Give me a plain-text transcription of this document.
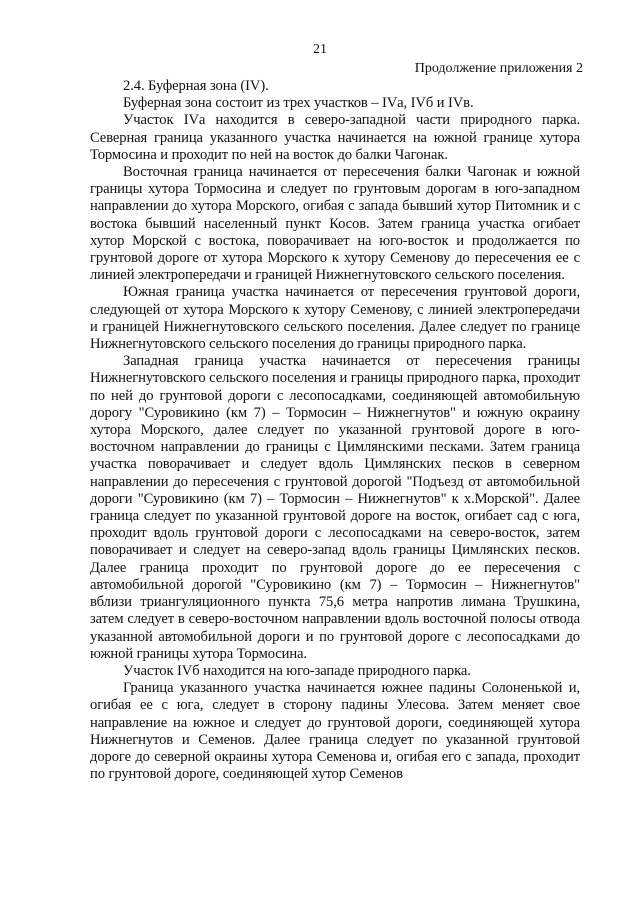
21
Продолжение приложения 2

2.4. Буферная зона (IV).

Буферная зона состоит из трех участков – IVа, IVб и IVв.

Участок IVа находится в северо-западной части природного парка. Северная граница указанного участка начинается на южной границе хутора Тормосина и проходит по ней на восток до балки Чагонак.

Восточная граница начинается от пересечения балки Чагонак и южной границы хутора Тормосина и следует по грунтовым дорогам в юго-западном направлении до хутора Морского, огибая с запада бывший хутор Питомник и с востока бывший населенный пункт Косов. Затем граница участка огибает хутор Морской с востока, поворачивает на юго-восток и продолжается по грунтовой дороге от хутора Морского к хутору Семенову до пересечения ее с линией электропередачи и границей Нижнегнутовского сельского поселения.

Южная граница участка начинается от пересечения грунтовой дороги, следующей от хутора Морского к хутору Семенову, с линией электропередачи и границей Нижнегнутовского сельского поселения. Далее следует по границе Нижнегнутовского сельского поселения до границы природного парка.

Западная граница участка начинается от пересечения границы Нижнегнутовского сельского поселения и границы природного парка, проходит по ней до грунтовой дороги с лесопосадками, соединяющей автомобильную дорогу "Суровикино (км 7) – Тормосин – Нижнегнутов" и южную окраину хутора Морского, далее следует по указанной грунтовой дороге в юго-восточном направлении до границы с Цимлянскими песками. Затем граница участка поворачивает и следует вдоль Цимлянских песков в северном направлении до пересечения с грунтовой дорогой "Подъезд от автомобильной дороги "Суровикино (км 7) – Тормосин – Нижнегнутов" к х.Морской". Далее граница следует по указанной грунтовой дороге на восток, огибает сад с юга, проходит вдоль грунтовой дороги с лесопосадками на северо-восток, затем поворачивает и следует на северо-запад вдоль границы Цимлянских песков. Далее граница проходит по грунтовой дороге до ее пересечения с автомобильной дорогой "Суровикино (км 7) – Тормосин – Нижнегнутов" вблизи триангуляционного пункта 75,6 метра напротив лимана Трушкина, затем следует в северо-восточном направлении вдоль восточной полосы отвода указанной автомобильной дороги и по грунтовой дороге с лесопосадками до южной границы хутора Тормосина.

Участок IVб находится на юго-западе природного парка.

Граница указанного участка начинается южнее падины Солоненькой и, огибая ее с юга, следует в сторону падины Улесова. Затем меняет свое направление на южное и следует до грунтовой дороги, соединяющей хутора Нижнегнутов и Семенов. Далее граница следует по указанной грунтовой дороге до северной окраины хутора Семенова и, огибая его с запада, проходит по грунтовой дороге, соединяющей хутор Семенов
